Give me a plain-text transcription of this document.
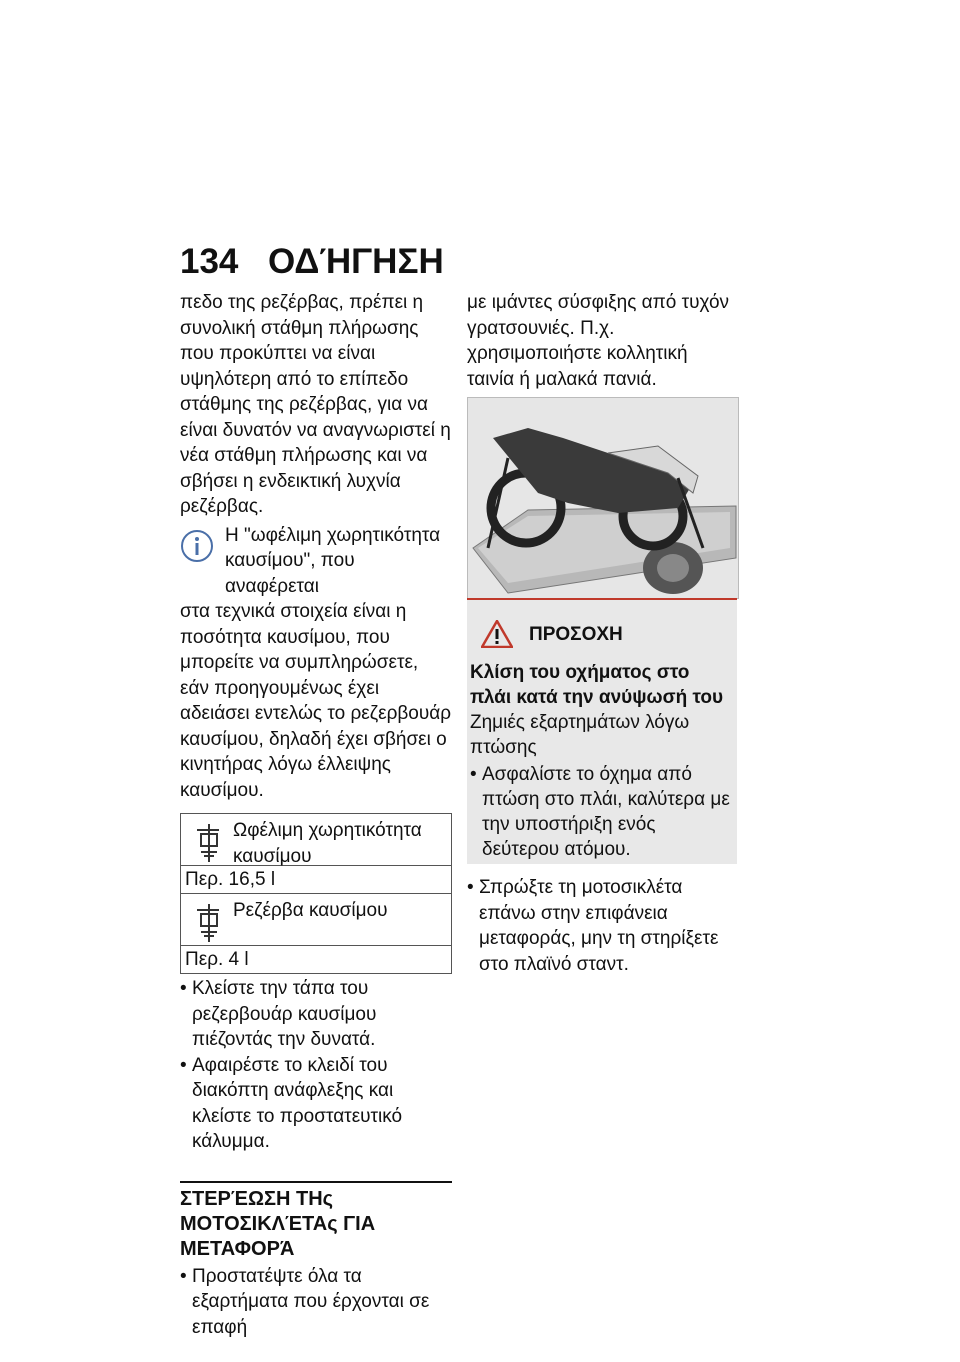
134 ΟΔΉΓΗΣΗ

πεδο της ρεζέρβας, πρέπει η συνολική στάθμη πλήρωσης που προκύπτει να είναι υψηλότερη από το επίπεδο στάθμης της ρεζέρβας, για να είναι δυνατόν να αναγνωριστεί η νέα στάθμη πλήρωσης και να σβήσει η ενδεικτική λυχνία ρεζέρβας.

Η "ωφέλιμη χωρητικότητα καυσίμου", που αναφέρεται

στα τεχνικά στοιχεία είναι η ποσότητα καυσίμου, που μπορείτε να συμπληρώσετε, εάν προηγουμένως έχει αδειάσει εντελώς το ρεζερβουάρ καυσίμου, δηλαδή έχει σβήσει ο κινητήρας λόγω έλλειψης καυσίμου.

Ωφέλιμη χωρητικότητα καυσίμου
Περ. 16,5 l
Ρεζέρβα καυσίμου
Περ. 4 l
• Κλείστε την τάπα του ρεζερβουάρ καυσίμου πιέζοντάς την δυνατά.
• Αφαιρέστε το κλειδί του διακόπτη ανάφλεξης και κλείστε το προστατευτικό κάλυμμα.
ΣΤΕΡΈΩΣΗ ΤΗς ΜΟΤΟΣΙΚΛΈΤΑς ΓΙΑ ΜΕΤΑΦΟΡΆ
• Προστατέψτε όλα τα εξαρτήματα που έρχονται σε επαφή

με ιμάντες σύσφιξης από τυχόν γρατσουνιές. Π.χ. χρησιμοποιήστε κολλητική ταινία ή μαλακά πανιά.

ΠΡΟΣΟΧΗ

Κλίση του οχήματος στο πλάι κατά την ανύψωσή του

Ζημιές εξαρτημάτων λόγω πτώσης

• Ασφαλίστε το όχημα από πτώση στο πλάι, καλύτερα με την υποστήριξη ενός δεύτερου ατόμου.
• Σπρώξτε τη μοτοσικλέτα επάνω στην επιφάνεια μεταφοράς, μην τη στηρίξετε στο πλαϊνό σταντ.
